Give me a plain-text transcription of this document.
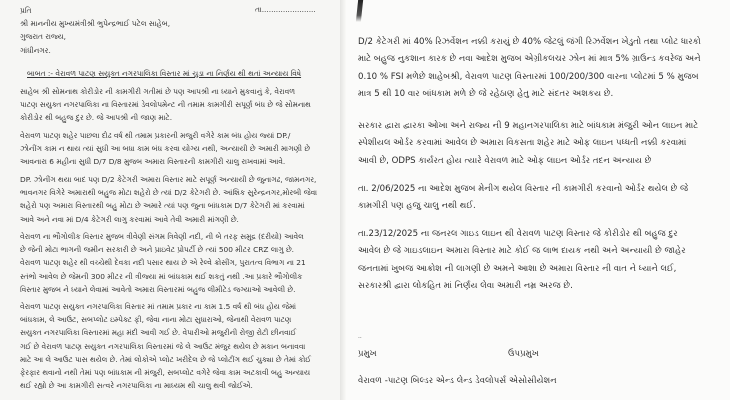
પ્રતિ
શ્રી માનનીય મુખ્યમંત્રીશ્રી ભુપેન્દ્રભાઈ પટેલ સાહેબ,
ગુજરાત રાજ્ય,
ગાંધીનગર.
તા.......................
બાબત :- વેરાવળ પાટણ સયુક્ત નગરપાલિકા વિસ્તાર માં ચુડા ના નિર્ણય થી થતાં અન્યાય વિષે
સાહેબ શ્રી સોમનાથ કોરીડોર ની કામગીરી ગતીમાં છે પણ આપશ્રી ના ધ્યાને મુકવાનું કે, વેરાવળ
પાટણ સયુક્ત નગરપાલિકા ના વિસ્તારમાં ડેવલોપમેન્ટ ની તમામ કામગીરી સપૂર્ણ બંધ છે જે સોમનાથ
કોરીડોર થી બહુજ દુર છે. જે આપશ્રી ની જાણ માટે.
વેરાવળ પાટણ શહેર પાછલા દોઢ વર્ષ થી તમામ પ્રકારની મજુરી વગેરે કામ બંધ હોય જ્યાં DP./
ઝોનીંગ કામ ન થાય ત્યાં સુધી આ બધા કામ બંધ કરવા યોગ્ય નથી, અન્યાયી છે અમારી માગણી છે
આવનારા 6 મહીના સુધી D/7 D/8 મુજબ અમારા વિસ્તારની કામગીરી ચાલુ રાખવામાં આવે.
DP. ઝોનીંગ થયા બાદ પણ D/2 કેટેગરી અમારા વિસ્તાર માટે સપૂર્ણ અન્યાયી છે જુનાગઢ, જામનગર,
ભાવનગર વિગેરે અમારાથી બહુજ મોટા શહેરો છે ત્યાં D/2 કેટેગરી છે. આંશિક સુરેન્દ્રનગર,મોરબી જેવા
શહેરો પણ અમારા વિસ્તારથી બહુ મોટા છે અમારે ત્યાં પણ જુના બાંધકામ D/7 કેટેગરી માં કરવામાં
આવે અને નવા માં D/4 કેટેગરી લાગુ કરવામાં આવે તેવી અમારી માંગણી છે.
વેરાવળ ના ભૌગોલીક વિસ્તાર મુજબ ત્રીવેણી સંગમ ત્રિવેણી નદી, ની બે તરફ સમુદ્ર (દરીયો) આવેલ
છે જેની મોટા ભાગની જમીન સરકારી છે અને પ્રાઇવેટ પ્રોપર્ટી છે ત્યાં 500 મીટર CRZ લાગુ છે.
વેરાવળ પાટણ શહેર થી વચ્ચેથી દેવકા નદી પસાર થાય છે એ રેલ્વે ક્રોસીંગ, પુરાતત્વ વિભાગ ના 21
સ્તંભો આવેલ છે જેમની 300 મીટર ની ત્રીજ્યા માં બાંધકામ થઈ શકતું નથી .આ પ્રકારે ભૌગોલીક
વિસ્તાર મુજબ ને ધ્યાને લેવામાં આવેતો અમારા વિસ્તારમાં બહુજ લીમીટેડ જગ્યાઓ આવેલી છે.
વેરાવળ પાટણ સયુક્ત નગરપાલિકા વિસ્તાર માં તમામ પ્રકાર ના કામ 1.5 વર્ષ થી બંધ હોય જેમાં
બાંધકામ, લે આઉટ, સબપ્લોટ ઇમ્પેક્ટ ફી, જેવા નાના મોટા સુધારાઓ, જેનાથી વેરાવળ પાટણ
સયુક્ત નગરપાલિકા વિસ્તારમાં મહા મંદી આવી ગઈ છે. વેપારીઓ મજુરીની રોજી રોટી છીનવાઈ
ગઈ છે વેરાવળ પાટણ સયુક્ત નગરપાલિકા વિસ્તારમાં જે લે આઉટ મંજુર થયેલ છે મકાન બનાવવા
માટે આ લે આઉટ પાસ થયેલ છે. તેમાં લોકોએ પ્લોટ ખરીદેલ છે જે પ્લોટીંગ થઈ ચુક્યા છે તેમાં કોઈ
ફેરફાર થવાનો નથી તેમાં પણ બાંધકામ ની મંજુરી, સબપ્લોટ વગેરે જેવા કામ અટકાવી બહુ અન્યાય
થઈ રહ્યો છે આ કામગીરી સત્વરે નગરપાલિકા ના માધ્યમ થી ચાલુ થવી જોઈએ.
D/2 કેટેગરી માં 40% રિઝર્વેશન નક્કી કરાયું છે 40% જેટલું જંગી રિઝર્વેશન ખેડુતો તથા પ્લોટ ધારકો
માટે બહુજ નુકશાન કારક છે નવા આદેશ મુજબ એગ્રીકલચર ઝોન માં માત્ર 5% ગ્રાઉન્ડ કવરેજ અને
0.10 % FSI મળેછે શાહેબશ્રી, વેરાવળ પાટણ વિસ્તારમાં 100/200/300 વારના પ્લોટમાં 5 % મુજબ
માત્ર 5 થી 10 વાર બાંધકામ મળે છે જે રહેઠાણ હેતુ માટે સંદતર અશકય છે.
સરકાર દ્વારા દ્વારકા ઓખા અને રાજ્ય ની 9 મહાનગરપાલિકા માટે બાંધકામ મંજુરી ઓન લાઇન માટે
સ્પેશીયલ ઓર્ડર કરવામાં આવેલ છે અમારા વિકસતા શહેર માટે ઓફ લાઇન પધ્ધતી નક્કી કરવામાં
આવી છે, ODPS કાર્યરત હોય ત્યારે વેરાવળ માટે ઓફ લાઇન ઓર્ડર તદન અન્યાય છે
તા. 2/06/2025 ના આદેશ મુજબ મેનીગ થયેલ વિસ્તાર ની કામગીરી કરવાનો ઓર્ડર થયેલ છે જે
કામગીરી પણ હજુ ચાલુ નથી થઈ.
તા.23/12/2025 ના જનરલ ગાઇડ લાઇન થી વેરાવળ પાટણ વિસ્તાર જે કોરીડોર થી બહુજ દુર
આવેલ છે જે ગાઇડલાઇન અમારા વિસ્તાર માટે કોઈ જ લાભ દાયક નથી અને અન્યાયી છે જાહેર
જનતામાં ખુબજ આક્રોશ ની લાગણી છે અમને આશા છે અમારા વિસ્તાર ની વાત ને ધ્યાને લઈ,
સરકારશ્રી દ્વારા લોકહિત માં નિર્ણય લેવા અમારી નમ્ર અરજ છે.
..
પ્રમુખ	ઉપપ્રમુખ
વેરાવળ -પાટણ બિલ્ડર એન્ડ લેન્ડ ડેવલોપર્સ એસોસીયેશન
